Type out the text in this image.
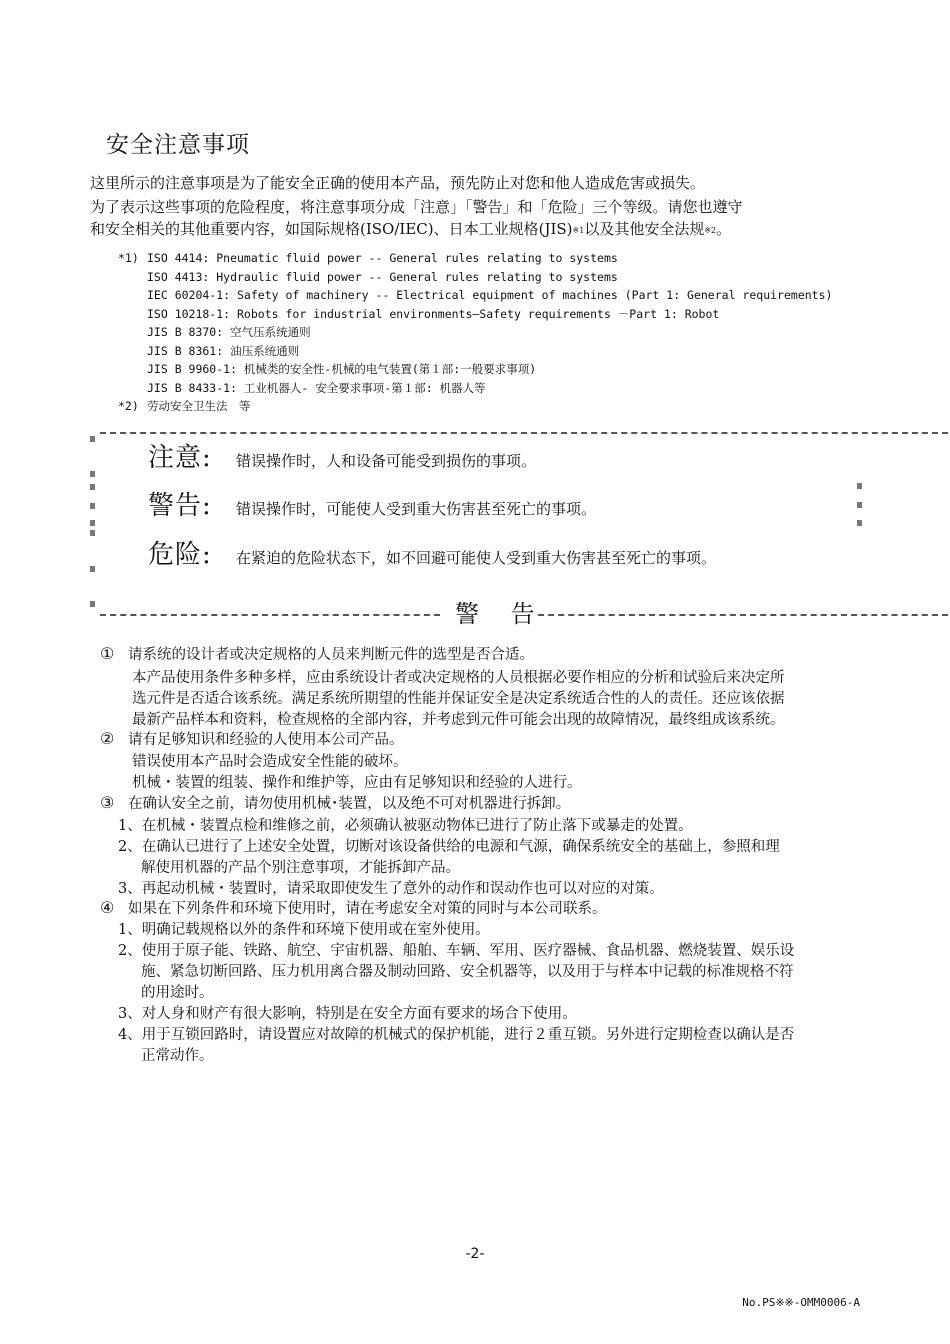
安全注意事项
这里所示的注意事项是为了能安全正确的使用本产品，预先防止对您和他人造成危害或损失。
为了表示这些事项的危险程度，将注意事项分成「注意」「警告」和「危险」三个等级。请您也遵守
和安全相关的其他重要内容，如国际规格(ISO/IEC)、日本工业规格(JIS)$^{※1}$以及其他安全法规$^{※2}$。
*1) ISO 4414: Pneumatic fluid power -- General rules relating to systems
ISO 4413: Hydraulic fluid power -- General rules relating to systems
IEC 60204-1: Safety of machinery -- Electrical equipment of machines (Part 1: General requirements)
ISO 10218-1: Robots for industrial environments—Safety requirements －Part 1: Robot
JIS B 8370: 空气压系统通则
JIS B 8361: 油压系统通则
JIS B 9960-1: 机械类的安全性-机械的电气装置(第１部:一般要求事项)
JIS B 8433-1: 工业机器人- 安全要求事项-第１部: 机器人等
*2) 劳动安全卫生法　等
注意: 错误操作时，人和设备可能受到损伤的事项。
警告: 错误操作时，可能使人受到重大伤害甚至死亡的事项。
危险: 在紧迫的危险状态下，如不回避可能使人受到重大伤害甚至死亡的事项。
警 告
① 请系统的设计者或决定规格的人员来判断元件的选型是否合适。
本产品使用条件多种多样，应由系统设计者或决定规格的人员根据必要作相应的分析和试验后来决定所
选元件是否适合该系统。满足系统所期望的性能并保证安全是决定系统适合性的人的责任。还应该依据
最新产品样本和资料，检查规格的全部内容，并考虑到元件可能会出现的故障情况，最终组成该系统。
② 请有足够知识和经验的人使用本公司产品。
错误使用本产品时会造成安全性能的破坏。
机械・装置的组装、操作和维护等，应由有足够知识和经验的人进行。
③ 在确认安全之前，请勿使用机械･装置，以及绝不可对机器进行拆卸。
1、在机械・装置点检和维修之前，必须确认被驱动物体已进行了防止落下或暴走的处置。
2、在确认已进行了上述安全处置，切断对该设备供给的电源和气源，确保系统安全的基础上，参照和理
解使用机器的产品个别注意事项，才能拆卸产品。
3、再起动机械・装置时，请采取即使发生了意外的动作和误动作也可以对应的对策。
④ 如果在下列条件和环境下使用时，请在考虑安全对策的同时与本公司联系。
1、明确记载规格以外的条件和环境下使用或在室外使用。
2、使用于原子能、铁路、航空、宇宙机器、船舶、车辆、军用、医疗器械、食品机器、燃烧装置、娱乐设
施、紧急切断回路、压力机用离合器及制动回路、安全机器等，以及用于与样本中记载的标准规格不符
的用途时。
3、对人身和财产有很大影响，特别是在安全方面有要求的场合下使用。
4、用于互锁回路时，请设置应对故障的机械式的保护机能，进行２重互锁。另外进行定期检查以确认是否
正常动作。
-2-
No.PS※※-OMM0006-A
